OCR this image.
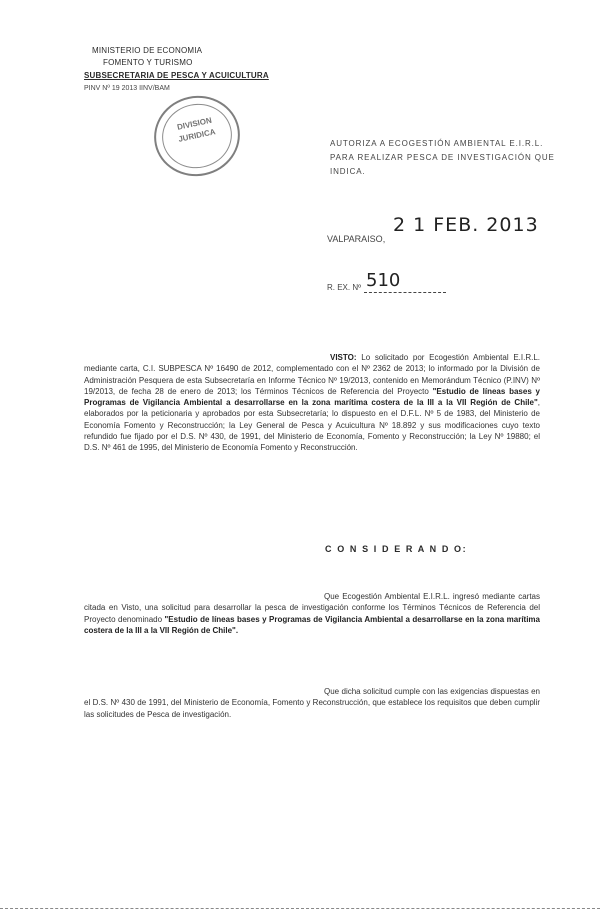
MINISTERIO DE ECONOMIA
FOMENTO Y TURISMO
SUBSECRETARIA DE PESCA Y ACUICULTURA
PINV Nº 19 2013 IINV/BAM
DIVISION
JURIDICA	AUTORIZA A ECOGESTIÓN AMBIENTAL E.I.R.L. PARA REALIZAR PESCA DE INVESTIGACIÓN QUE INDICA.
VALPARAISO,
2 1 FEB. 2013
R. EX. Nº 510
VISTO: Lo solicitado por Ecogestión Ambiental E.I.R.L. mediante carta, C.I. SUBPESCA Nº 16490 de 2012, complementado con el Nº 2362 de 2013; lo informado por la División de Administración Pesquera de esta Subsecretaría en Informe Técnico Nº 19/2013, contenido en Memorándum Técnico (P.INV) Nº 19/2013, de fecha 28 de enero de 2013; los Términos Técnicos de Referencia del Proyecto "Estudio de líneas bases y Programas de Vigilancia Ambiental a desarrollarse en la zona marítima costera de la III a la VII Región de Chile", elaborados por la peticionaria y aprobados por esta Subsecretaría; lo dispuesto en el D.F.L. Nº 5 de 1983, del Ministerio de Economía Fomento y Reconstrucción; la Ley General de Pesca y Acuicultura Nº 18.892 y sus modificaciones cuyo texto refundido fue fijado por el D.S. Nº 430, de 1991, del Ministerio de Economía, Fomento y Reconstrucción; la Ley Nº 19880; el D.S. Nº 461 de 1995, del Ministerio de Economía Fomento y Reconstrucción.
C O N S I D E R A N D O:
Que Ecogestión Ambiental E.I.R.L. ingresó mediante cartas citada en Visto, una solicitud para desarrollar la pesca de investigación conforme los Términos Técnicos de Referencia del Proyecto denominado "Estudio de líneas bases y Programas de Vigilancia Ambiental a desarrollarse en la zona marítima costera de la III a la VII Región de Chile".
Que dicha solicitud cumple con las exigencias dispuestas en el D.S. Nº 430 de 1991, del Ministerio de Economía, Fomento y Reconstrucción, que establece los requisitos que deben cumplir las solicitudes de Pesca de investigación.
